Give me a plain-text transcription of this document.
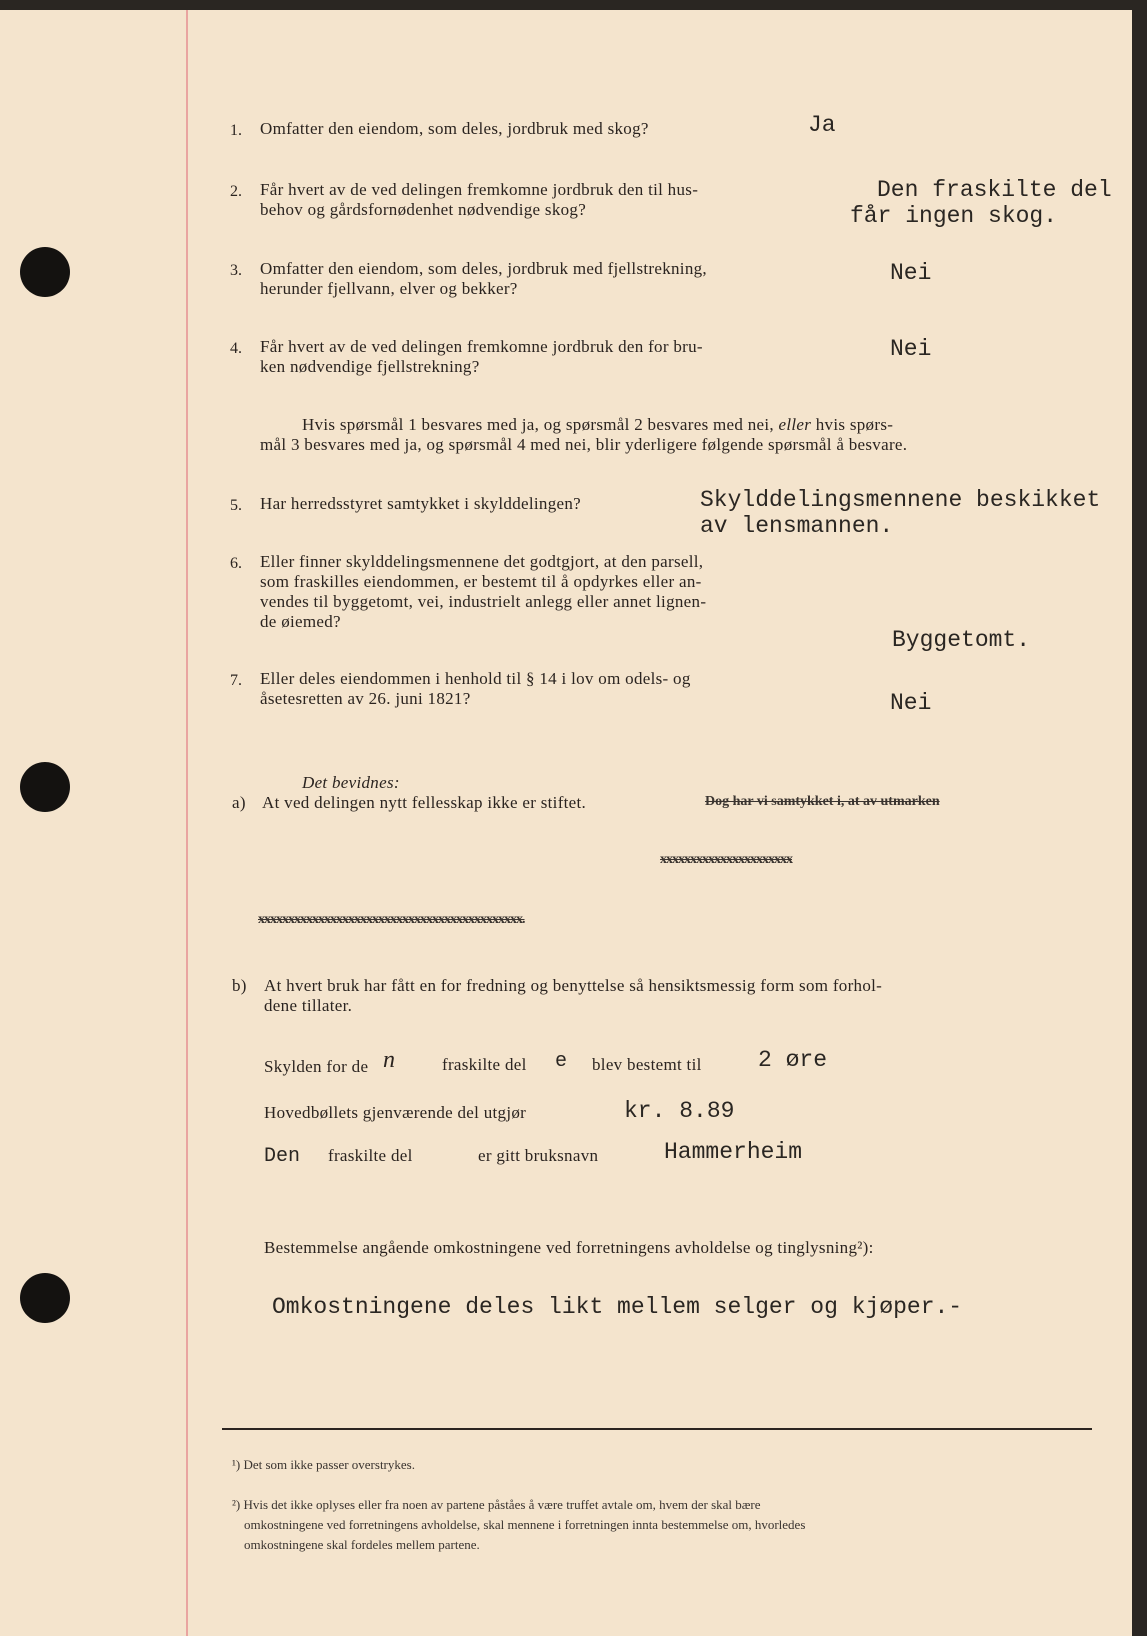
1. Omfatter den eiendom, som deles, jordbruk med skog?	Ja
2. Får hvert av de ved delingen fremkomne jordbruk den til hus-
behov og gårdsfornødenhet nødvendige skog?
Den fraskilte del
får ingen skog.
3. Omfatter den eiendom, som deles, jordbruk med fjellstrekning,
herunder fjellvann, elver og bekker?
Nei
4. Får hvert av de ved delingen fremkomne jordbruk den for bru-
ken nødvendige fjellstrekning?
Nei
Hvis spørsmål 1 besvares med ja, og spørsmål 2 besvares med nei, eller hvis spørs-
mål 3 besvares med ja, og spørsmål 4 med nei, blir yderligere følgende spørsmål å besvare.
5. Har herredsstyret samtykket i skylddelingen?	Skylddelingsmennene beskikket
av lensmannen.
6. Eller finner skylddelingsmennene det godtgjort, at den parsell,
som fraskilles eiendommen, er bestemt til å opdyrkes eller an-
vendes til byggetomt, vei, industrielt anlegg eller annet lignen-
de øiemed?
Byggetomt.
7. Eller deles eiendommen i henhold til § 14 i lov om odels- og
åsetesretten av 26. juni 1821?	Nei
Det bevidnes:
a) At ved delingen nytt fellesskap ikke er stiftet.	Dog har vi samtykket i, at av utmarken
xxxxxxxxxxxxxxxxxxxxxx
xxxxxxxxxxxxxxxxxxxxxxxxxxxxxxxxxxxxxxxxxxxx.
b) At hvert bruk har fått en for fredning og benyttelse så hensiktsmessig form som forhol-
dene tillater.
Skylden for de n	fraskilte del e blev bestemt til 2 øre
Hovedbøllets gjenværende del utgjør	kr. 8.89
Den fraskilte del	er gitt bruksnavn	Hammerheim
Bestemmelse angående omkostningene ved forretningens avholdelse og tinglysning²):
Omkostningene deles likt mellem selger og kjøper.-
¹) Det som ikke passer overstrykes.
²) Hvis det ikke oplyses eller fra noen av partene påståes å være truffet avtale om, hvem der skal bære
omkostningene ved forretningens avholdelse, skal mennene i forretningen innta bestemmelse om, hvorledes
omkostningene skal fordeles mellem partene.
